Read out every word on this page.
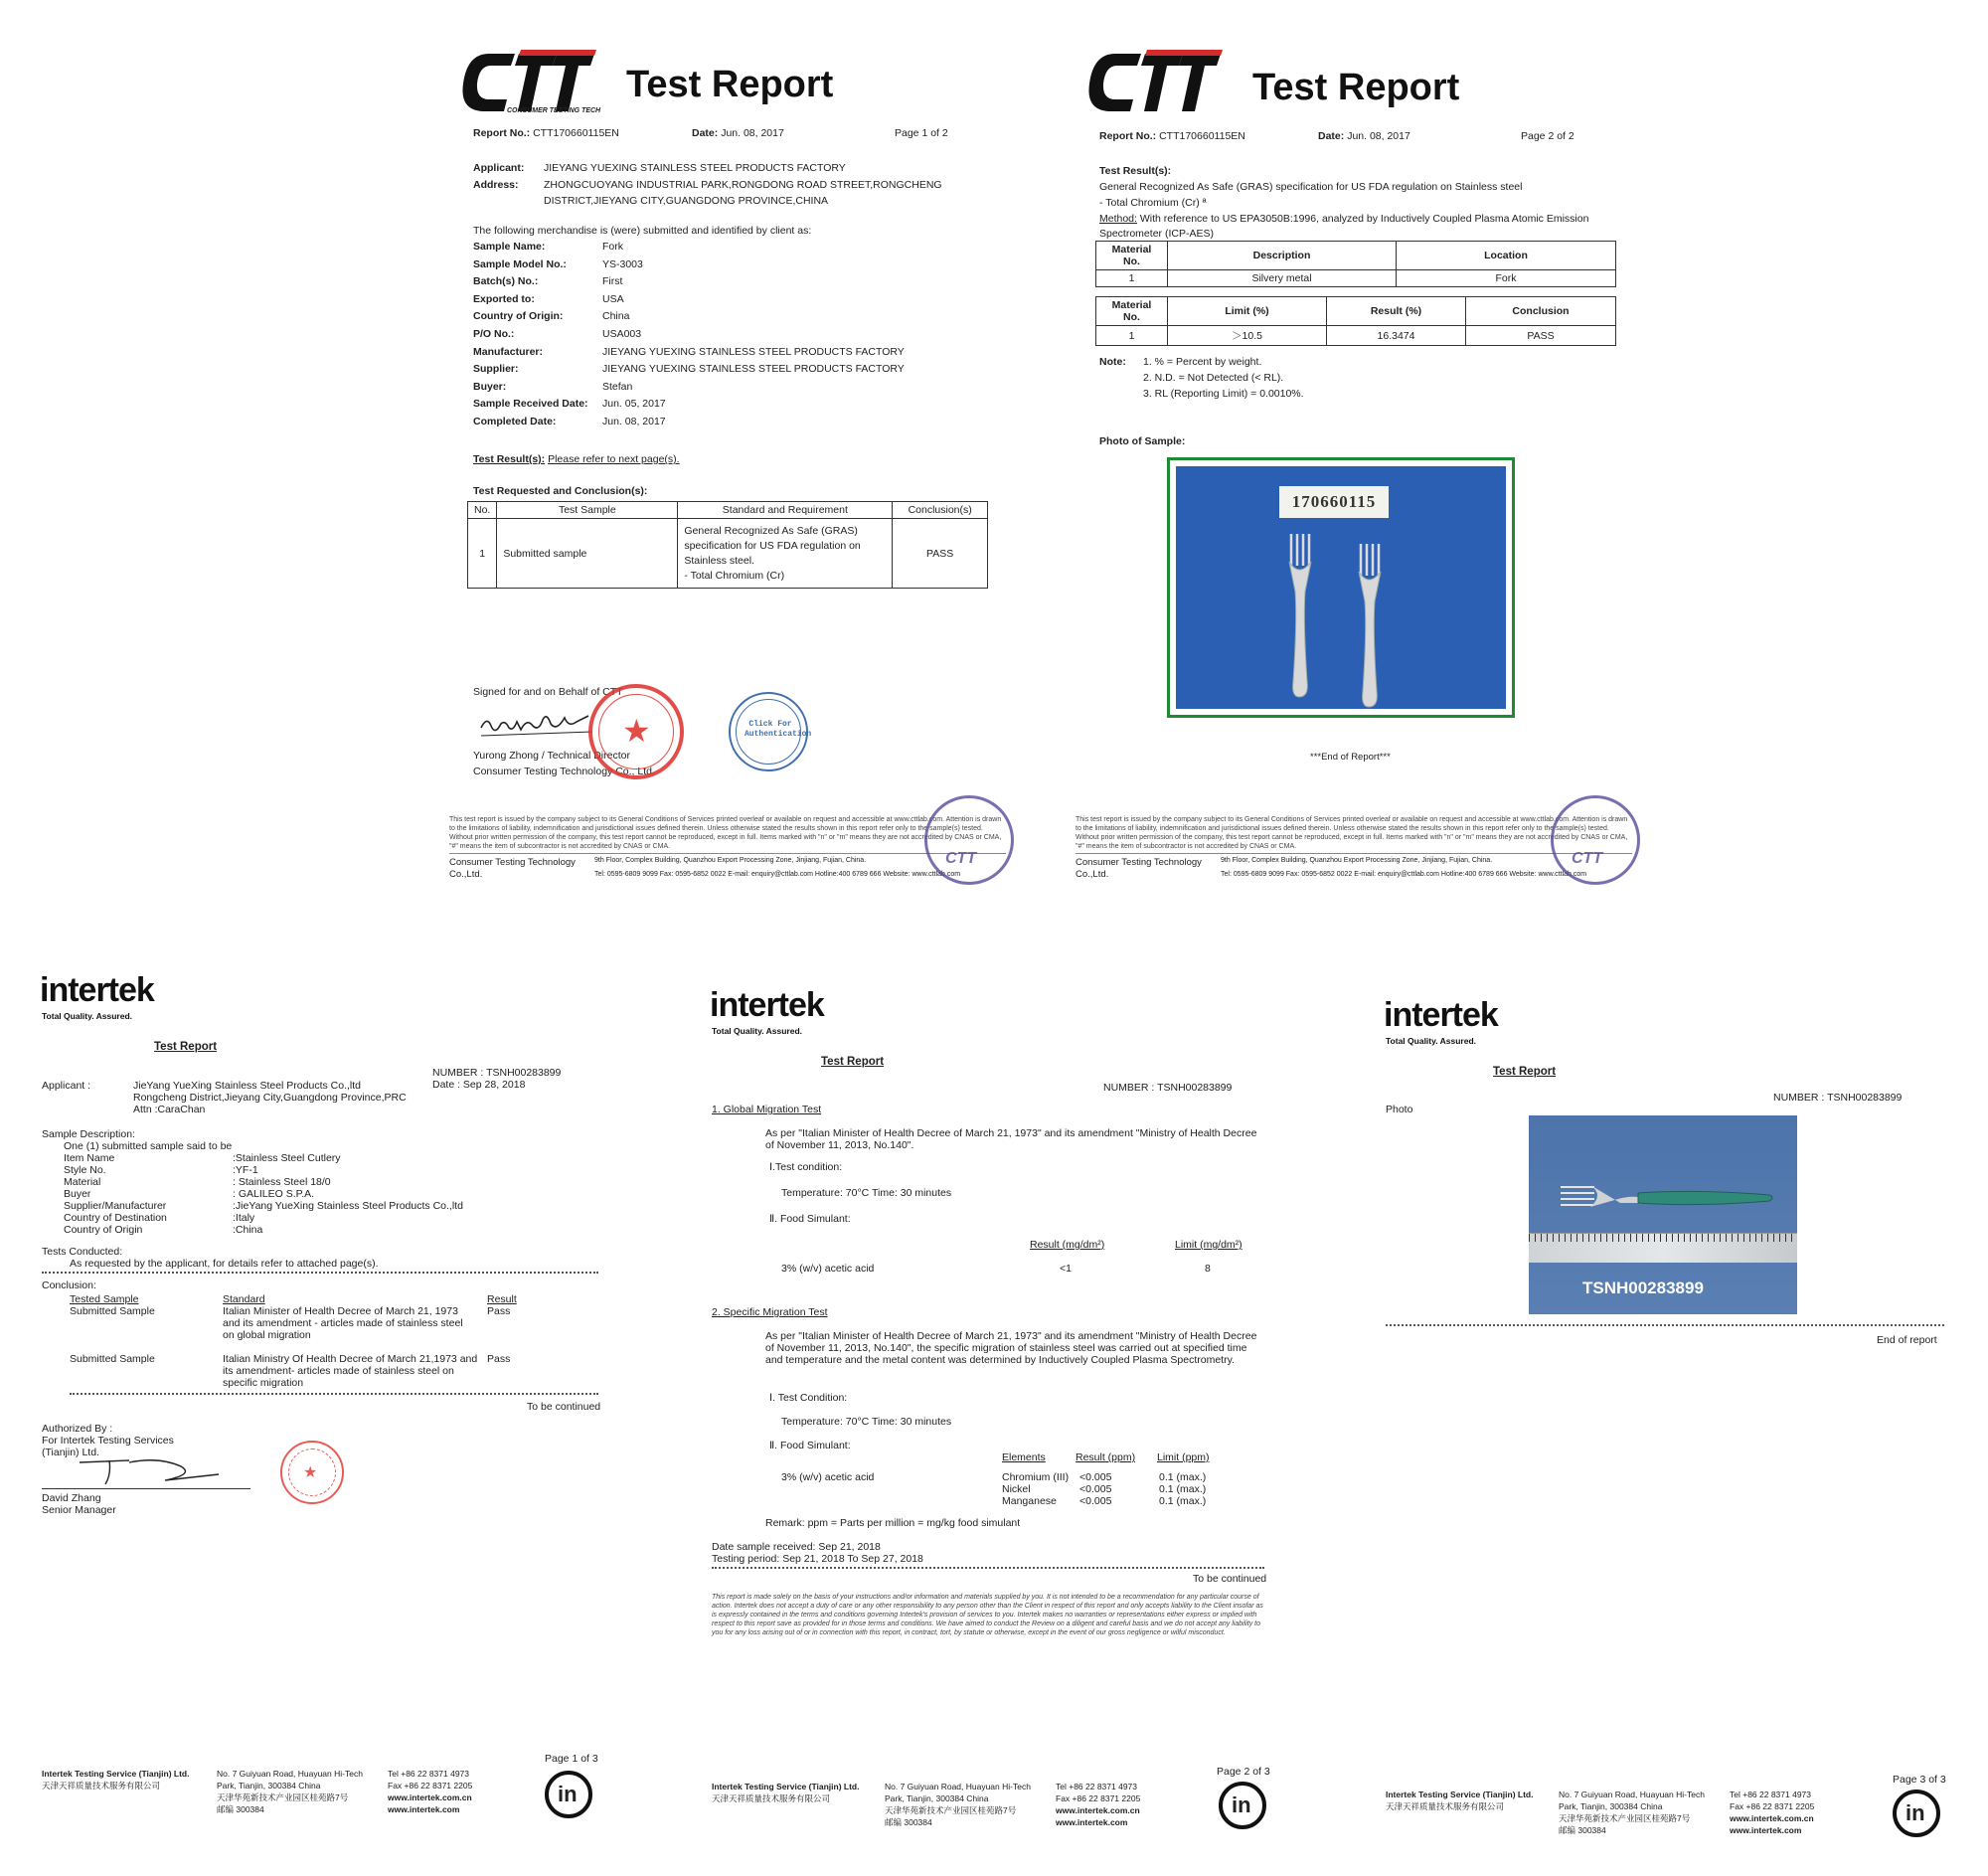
CONSUMER TESTING TECH
Test Report
Report No.: CTT170660115EN	Date: Jun. 08, 2017	Page 1 of 2
Applicant: JIEYANG YUEXING STAINLESS STEEL PRODUCTS FACTORY
Address: ZHONGCUOYANG INDUSTRIAL PARK,RONGDONG ROAD STREET,RONGCHENG
DISTRICT,JIEYANG CITY,GUANGDONG PROVINCE,CHINA
The following merchandise is (were) submitted and identified by client as:
Sample Name:	Fork
Sample Model No.:	YS-3003
Batch(s) No.:	First
Exported to:	USA
Country of Origin:	China
P/O No.:	USA003
Manufacturer:	JIEYANG YUEXING STAINLESS STEEL PRODUCTS FACTORY
Supplier:	JIEYANG YUEXING STAINLESS STEEL PRODUCTS FACTORY
Buyer:	Stefan
Sample Received Date: Jun. 05, 2017
Completed Date:	Jun. 08, 2017
Test Result(s): Please refer to next page(s).
Test Requested and Conclusion(s):
No.	Test Sample	Standard and Requirement	Conclusion(s)
1	Submitted sample	General Recognized As Safe (GRAS)
specification for US FDA regulation on
Stainless steel.
- Total Chromium (Cr)	PASS
Signed for and on Behalf of CTT
Yurong Zhong / Technical Director
Consumer Testing Technology Co., Ltd.
★	Click For Authentication
This test report is issued by the company subject to its General Conditions of Services printed overleaf or available on request and accessible at www.cttlab.com. Attention is drawn to the limitations of liability, indemnification and jurisdictional issues defined therein. Unless otherwise stated the results shown in this report refer only to the sample(s) tested. Without prior written permission of the company, this test report cannot be reproduced, except in full. Items marked with "n" or "m" means they are not accredited by CNAS or CMA, "#" means the item of subcontractor is not accredited by CNAS or CMA.
Consumer Testing Technology Co.,Ltd.
9th Floor, Complex Building, Quanzhou Export Processing Zone, Jinjiang, Fujian, China.
Tel: 0595-6809 9099 Fax: 0595-6852 0022 E-mail: enquiry@cttlab.com Hotline:400 6789 666 Website: www.cttlab.com
CTT
Test Report
Report No.: CTT170660115EN	Date: Jun. 08, 2017	Page 2 of 2
Test Result(s):
General Recognized As Safe (GRAS) specification for US FDA regulation on Stainless steel
- Total Chromium (Cr) ª
Method: With reference to US EPA3050B:1996, analyzed by Inductively Coupled Plasma Atomic Emission
Spectrometer (ICP-AES)
Material No.	Description	Location
1	Silvery metal	Fork
Material No.	Limit (%)	Result (%)	Conclusion
1	＞10.5	16.3474	PASS
Note: 1. % = Percent by weight.
2. N.D. = Not Detected (< RL).
3. RL (Reporting Limit) = 0.0010%.
Photo of Sample:
170660115
***End of Report***
This test report is issued by the company subject to its General Conditions of Services printed overleaf or available on request and accessible at www.cttlab.com. Attention is drawn to the limitations of liability, indemnification and jurisdictional issues defined therein. Unless otherwise stated the results shown in this report refer only to the sample(s) tested. Without prior written permission of the company, this test report cannot be reproduced, except in full. Items marked with "n" or "m" means they are not accredited by CNAS or CMA, "#" means the item of subcontractor is not accredited by CNAS or CMA.
Consumer Testing Technology Co.,Ltd.
9th Floor, Complex Building, Quanzhou Export Processing Zone, Jinjiang, Fujian, China.
Tel: 0595-6809 9099 Fax: 0595-6852 0022 E-mail: enquiry@cttlab.com Hotline:400 6789 666 Website: www.cttlab.com
CTT
intertek
Total Quality. Assured.
Test Report
NUMBER : TSNH00283899
Date : Sep 28, 2018
Applicant :	JieYang YueXing Stainless Steel Products Co.,ltd
Rongcheng District,Jieyang City,Guangdong Province,PRC
Attn :CaraChan
Sample Description:
One (1) submitted sample said to be
Item Name	:Stainless Steel Cutlery
Style No.	:YF-1
Material	: Stainless Steel 18/0
Buyer	: GALILEO S.P.A.
Supplier/Manufacturer	:JieYang YueXing Stainless Steel Products Co.,ltd
Country of Destination	:Italy
Country of Origin	:China
Tests Conducted:
As requested by the applicant, for details refer to attached page(s).
Conclusion:
Tested Sample	Standard	Result
Submitted Sample	Italian Minister of Health Decree of March 21, 1973
and its amendment - articles made of stainless steel
on global migration
Pass
Submitted Sample	Italian Ministry Of Health Decree of March 21,1973 and
its amendment- articles made of stainless steel on
specific migration
Pass
To be continued
Authorized By :
For Intertek Testing Services
(Tianjin) Ltd.
★
David Zhang
Senior Manager
Intertek Testing Service (Tianjin) Ltd.
天津天祥质量技术服务有限公司
No. 7 Guiyuan Road, Huayuan Hi-Tech
Park, Tianjin, 300384 China
天津华苑新技术产业园区桂苑路7号
邮编 300384
Tel +86 22 8371 4973
Fax +86 22 8371 2205
www.intertek.com.cn
www.intertek.com
Page 1 of 3
in
intertek
Total Quality. Assured.
Test Report
NUMBER : TSNH00283899
1. Global Migration Test
As per "Italian Minister of Health Decree of March 21, 1973" and its amendment "Ministry of Health Decree
of November 11, 2013, No.140".
Ⅰ.Test condition:
Temperature: 70°C Time: 30 minutes
Ⅱ. Food Simulant:
Result (mg/dm²)	Limit (mg/dm²)
3% (w/v) acetic acid	<1	8
2. Specific Migration Test
As per "Italian Minister of Health Decree of March 21, 1973" and its amendment "Ministry of Health Decree
of November 11, 2013, No.140", the specific migration of stainless steel was carried out at specified time
and temperature and the metal content was determined by Inductively Coupled Plasma Spectrometry.
Ⅰ. Test Condition:
Temperature: 70°C Time: 30 minutes
Ⅱ. Food Simulant:
Elements	Result (ppm) Limit (ppm)
3% (w/v) acetic acid	Chromium (III) <0.005	0.1 (max.)
Nickel	<0.005	0.1 (max.)
Manganese <0.005	0.1 (max.)
Remark: ppm = Parts per million = mg/kg food simulant
Date sample received: Sep 21, 2018
Testing period: Sep 21, 2018 To Sep 27, 2018
To be continued
This report is made solely on the basis of your instructions and/or information and materials supplied by you. It is not intended to be a recommendation for any particular course of action. Intertek does not accept a duty of care or any other responsibility to any person other than the Client in respect of this report and only accepts liability to the Client insofar as is expressly contained in the terms and conditions governing Intertek's provision of services to you. Intertek makes no warranties or representations either express or implied with respect to this report save as provided for in those terms and conditions. We have aimed to conduct the Review on a diligent and careful basis and we do not accept any liability to you for any loss arising out of or in connection with this report, in contract, tort, by statute or otherwise, except in the event of our gross negligence or wilful misconduct.
Intertek Testing Service (Tianjin) Ltd.
天津天祥质量技术服务有限公司
No. 7 Guiyuan Road, Huayuan Hi-Tech
Park, Tianjin, 300384 China
天津华苑新技术产业园区桂苑路7号
邮编 300384
Tel +86 22 8371 4973
Fax +86 22 8371 2205
www.intertek.com.cn
www.intertek.com
Page 2 of 3
in
intertek
Total Quality. Assured.
Test Report
NUMBER : TSNH00283899
Photo
TSNH00283899
End of report
Intertek Testing Service (Tianjin) Ltd.
天津天祥质量技术服务有限公司
No. 7 Guiyuan Road, Huayuan Hi-Tech
Park, Tianjin, 300384 China
天津华苑新技术产业园区桂苑路7号
邮编 300384
Tel +86 22 8371 4973
Fax +86 22 8371 2205
www.intertek.com.cn
www.intertek.com
Page 3 of 3
in
